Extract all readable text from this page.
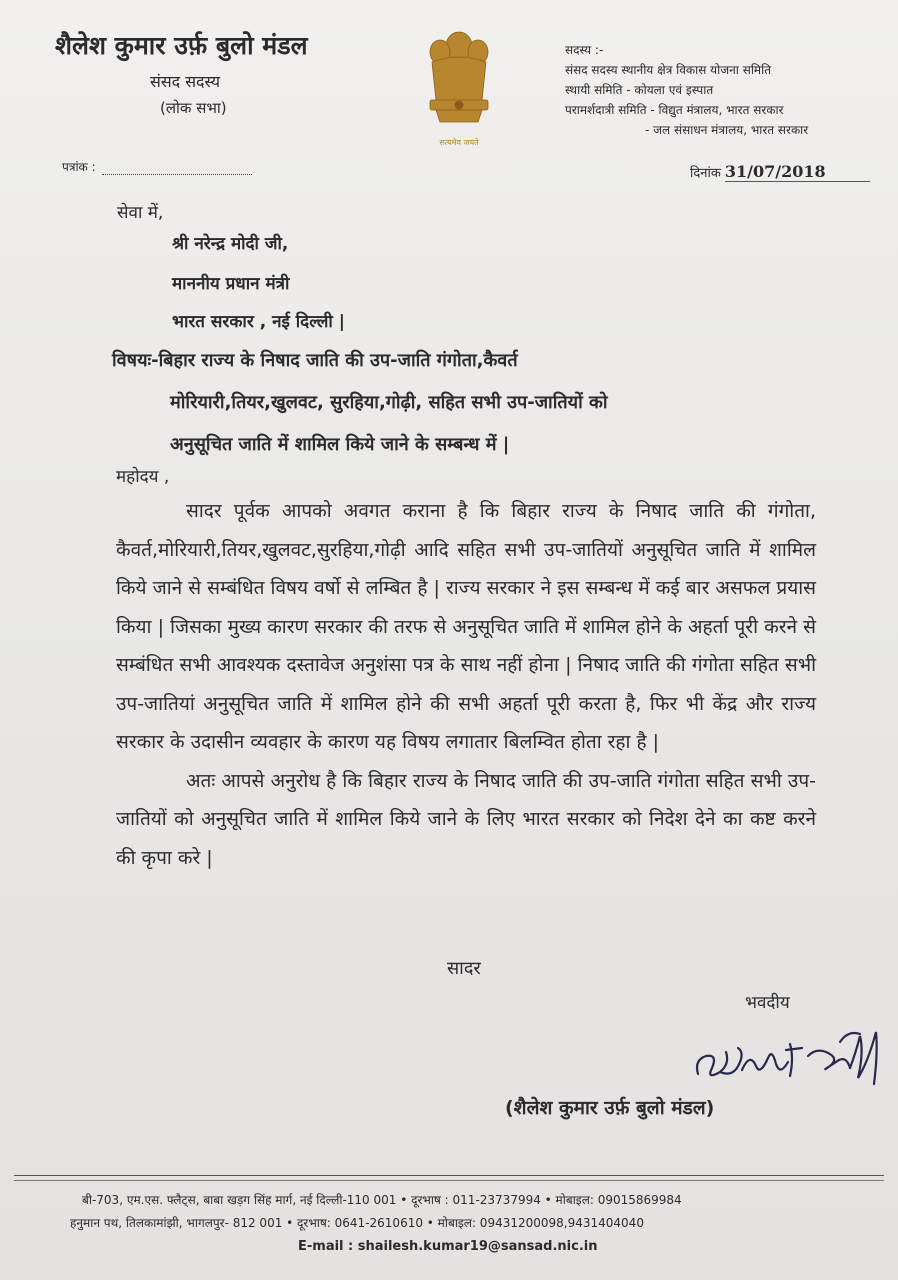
शैलेश कुमार उर्फ़ बुलो मंडल
संसद सदस्य
(लोक सभा)
सत्यमेव जयते
सदस्य :-
संसद सदस्य स्थानीय क्षेत्र विकास योजना समिति
स्थायी समिति - कोयला एवं इस्पात
परामर्शदात्री समिति - विद्युत मंत्रालय, भारत सरकार
- जल संसाधन मंत्रालय, भारत सरकार
पत्रांक :	दिनांक 31/07/2018
सेवा में,
श्री नरेन्द्र मोदी जी,
माननीय प्रधान मंत्री
भारत सरकार , नई दिल्ली |
विषयः-बिहार राज्य के निषाद जाति की उप-जाति गंगोता,कैवर्त
मोरियारी,तियर,खुलवट, सुरहिया,गोढ़ी, सहित सभी उप-जातियों को
अनुसूचित जाति में शामिल किये जाने के सम्बन्ध में |
महोदय ,

सादर पूर्वक आपको अवगत कराना है कि बिहार राज्य के निषाद जाति की गंगोता, कैवर्त,मोरियारी,तियर,खुलवट,सुरहिया,गोढ़ी आदि सहित सभी उप-जातियों अनुसूचित जाति में शामिल किये जाने से सम्बंधित विषय वर्षो से लम्बित है | राज्य सरकार ने इस सम्बन्ध में कई बार असफल प्रयास किया | जिसका मुख्य कारण सरकार की तरफ से अनुसूचित जाति में शामिल होने के अहर्ता पूरी करने से सम्बंधित सभी आवश्यक दस्तावेज अनुशंसा पत्र के साथ नहीं होना | निषाद जाति की गंगोता सहित सभी उप-जातियां अनुसूचित जाति में शामिल होने की सभी अहर्ता पूरी करता है, फिर भी केंद्र और राज्य सरकार के उदासीन व्यवहार के कारण यह विषय लगातार बिलम्वित होता रहा है |

अतः आपसे अनुरोध है कि बिहार राज्य के निषाद जाति की उप-जाति गंगोता सहित सभी उप-जातियों को अनुसूचित जाति में शामिल किये जाने के लिए भारत सरकार को निदेश देने का कष्ट करने की कृपा करे |

सादर
भवदीय
(शैलेश कुमार उर्फ़ बुलो मंडल)
बी-703, एम.एस. फ्लैट्स, बाबा खड़ग सिंह मार्ग, नई दिल्ली-110 001 • दूरभाष : 011-23737994 • मोबाइल: 09015869984
हनुमान पथ, तिलकामांझी, भागलपुर- 812 001 • दूरभाष: 0641-2610610 • मोबाइल: 09431200098,9431404040
E-mail : shailesh.kumar19@sansad.nic.in
